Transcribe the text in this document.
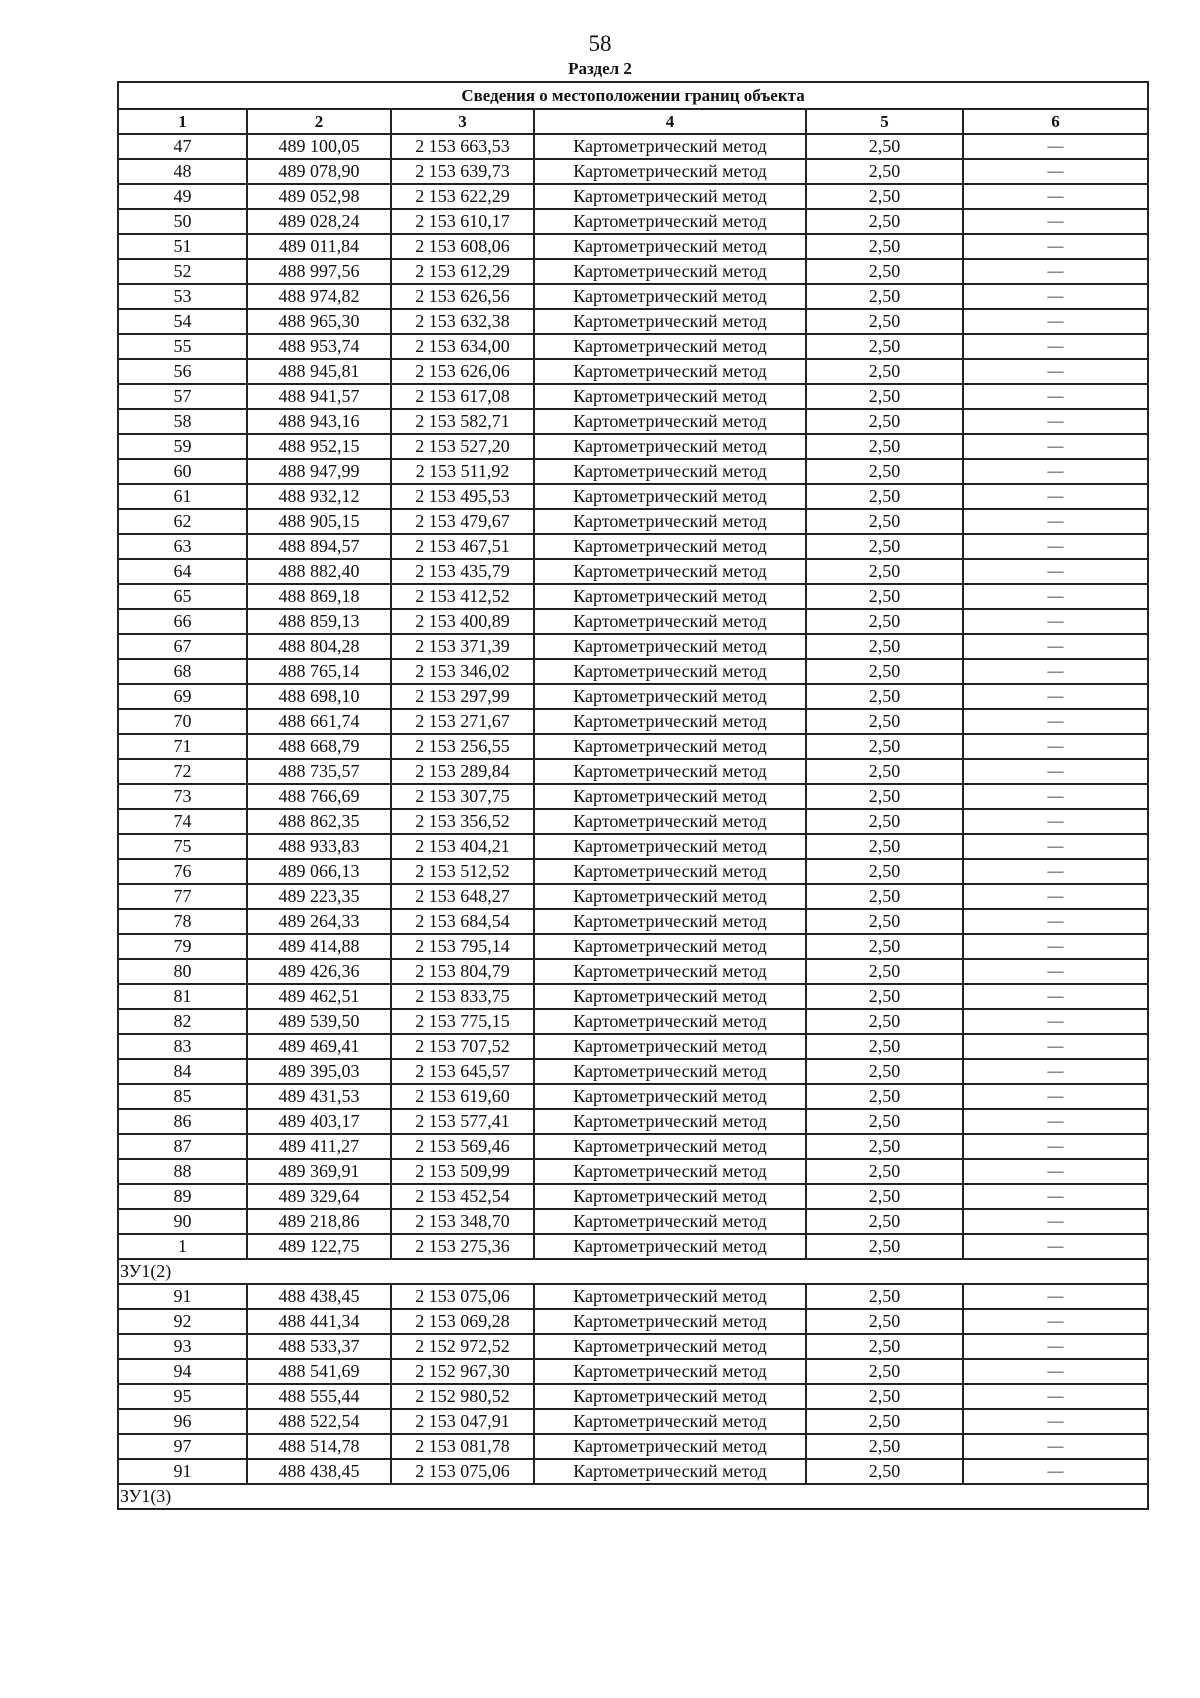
58
Раздел 2
Сведения о местоположении границ объекта					
1	2	3	4	5	6
47	489 100,05	2 153 663,53	Картометрический метод	2,50	—
48	489 078,90	2 153 639,73	Картометрический метод	2,50	—
49	489 052,98	2 153 622,29	Картометрический метод	2,50	—
50	489 028,24	2 153 610,17	Картометрический метод	2,50	—
51	489 011,84	2 153 608,06	Картометрический метод	2,50	—
52	488 997,56	2 153 612,29	Картометрический метод	2,50	—
53	488 974,82	2 153 626,56	Картометрический метод	2,50	—
54	488 965,30	2 153 632,38	Картометрический метод	2,50	—
55	488 953,74	2 153 634,00	Картометрический метод	2,50	—
56	488 945,81	2 153 626,06	Картометрический метод	2,50	—
57	488 941,57	2 153 617,08	Картометрический метод	2,50	—
58	488 943,16	2 153 582,71	Картометрический метод	2,50	—
59	488 952,15	2 153 527,20	Картометрический метод	2,50	—
60	488 947,99	2 153 511,92	Картометрический метод	2,50	—
61	488 932,12	2 153 495,53	Картометрический метод	2,50	—
62	488 905,15	2 153 479,67	Картометрический метод	2,50	—
63	488 894,57	2 153 467,51	Картометрический метод	2,50	—
64	488 882,40	2 153 435,79	Картометрический метод	2,50	—
65	488 869,18	2 153 412,52	Картометрический метод	2,50	—
66	488 859,13	2 153 400,89	Картометрический метод	2,50	—
67	488 804,28	2 153 371,39	Картометрический метод	2,50	—
68	488 765,14	2 153 346,02	Картометрический метод	2,50	—
69	488 698,10	2 153 297,99	Картометрический метод	2,50	—
70	488 661,74	2 153 271,67	Картометрический метод	2,50	—
71	488 668,79	2 153 256,55	Картометрический метод	2,50	—
72	488 735,57	2 153 289,84	Картометрический метод	2,50	—
73	488 766,69	2 153 307,75	Картометрический метод	2,50	—
74	488 862,35	2 153 356,52	Картометрический метод	2,50	—
75	488 933,83	2 153 404,21	Картометрический метод	2,50	—
76	489 066,13	2 153 512,52	Картометрический метод	2,50	—
77	489 223,35	2 153 648,27	Картометрический метод	2,50	—
78	489 264,33	2 153 684,54	Картометрический метод	2,50	—
79	489 414,88	2 153 795,14	Картометрический метод	2,50	—
80	489 426,36	2 153 804,79	Картометрический метод	2,50	—
81	489 462,51	2 153 833,75	Картометрический метод	2,50	—
82	489 539,50	2 153 775,15	Картометрический метод	2,50	—
83	489 469,41	2 153 707,52	Картометрический метод	2,50	—
84	489 395,03	2 153 645,57	Картометрический метод	2,50	—
85	489 431,53	2 153 619,60	Картометрический метод	2,50	—
86	489 403,17	2 153 577,41	Картометрический метод	2,50	—
87	489 411,27	2 153 569,46	Картометрический метод	2,50	—
88	489 369,91	2 153 509,99	Картометрический метод	2,50	—
89	489 329,64	2 153 452,54	Картометрический метод	2,50	—
90	489 218,86	2 153 348,70	Картометрический метод	2,50	—
1	489 122,75	2 153 275,36	Картометрический метод	2,50	—
ЗУ1(2)					
91	488 438,45	2 153 075,06	Картометрический метод	2,50	—
92	488 441,34	2 153 069,28	Картометрический метод	2,50	—
93	488 533,37	2 152 972,52	Картометрический метод	2,50	—
94	488 541,69	2 152 967,30	Картометрический метод	2,50	—
95	488 555,44	2 152 980,52	Картометрический метод	2,50	—
96	488 522,54	2 153 047,91	Картометрический метод	2,50	—
97	488 514,78	2 153 081,78	Картометрический метод	2,50	—
91	488 438,45	2 153 075,06	Картометрический метод	2,50	—
ЗУ1(3)					
